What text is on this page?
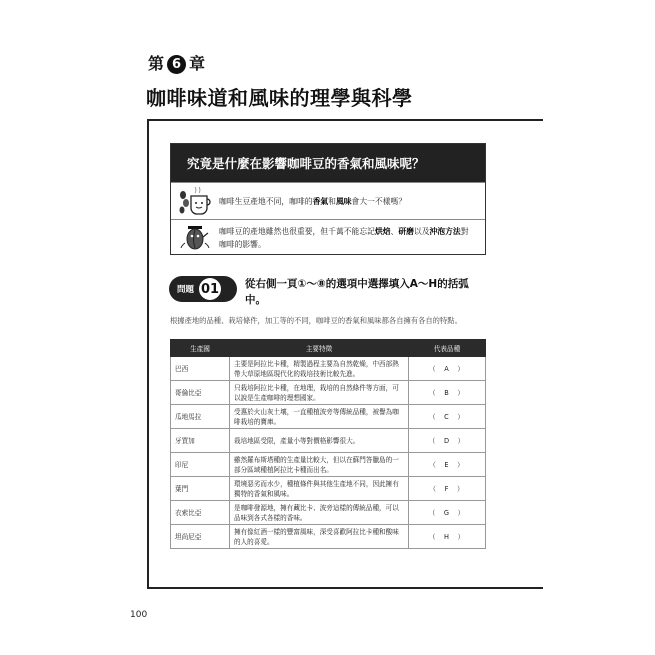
第 6 章
咖啡味道和風味的理學與科學
究竟是什麼在影響咖啡豆的香氣和風味呢？
咖啡生豆產地不同，咖啡的香氣和風味會大一不樣嗎？
咖啡豆的產地雖然也很重要，但千萬不能忘記烘焙、研磨以及沖泡方法對咖啡的影響。
問題 01 從右側一頁①～⑧的選項中選擇填入A～H的括弧中。
根據產地的品種、栽培條件，加工等的不同，咖啡豆的香氣和風味都各自擁有各自的特點。
生產國	主要特徵	代表品種
巴西	主要是阿拉比卡種，精製過程主要為自然乾燥，中西部熱帶大草原地區現代化的栽培技術比較先進。	（　A　）
哥倫比亞	只栽培阿拉比卡種，在地理，栽培的自然條件等方面，可以說是生產咖啡的理想國家。	（　B　）
瓜地馬拉	受惠於火山灰土壤，一直種植波旁等傳統品種，被譽為咖啡栽培的寶庫。	（　C　）
牙買加	栽培地區受限，產量小等對價格影響很大。	（　D　）
印尼	雖然羅布斯塔種的生產量比較大，但以在蘇門答臘島的一部分區域種植阿拉比卡種而出名。	（　E　）
葉門	環境惡劣而水少，種植條件與其他生產地不同，因此擁有獨特的香氣和風味。	（　F　）
衣索比亞	是咖啡發源地，擁有藏比卡、波旁這樣的傳統品種，可以品味到各式各樣的香味。	（　G　）
坦尚尼亞	擁有像紅酒一樣的豐富風味，深受喜歡阿拉比卡種和酸味的人的喜愛。	（　H　）
100
